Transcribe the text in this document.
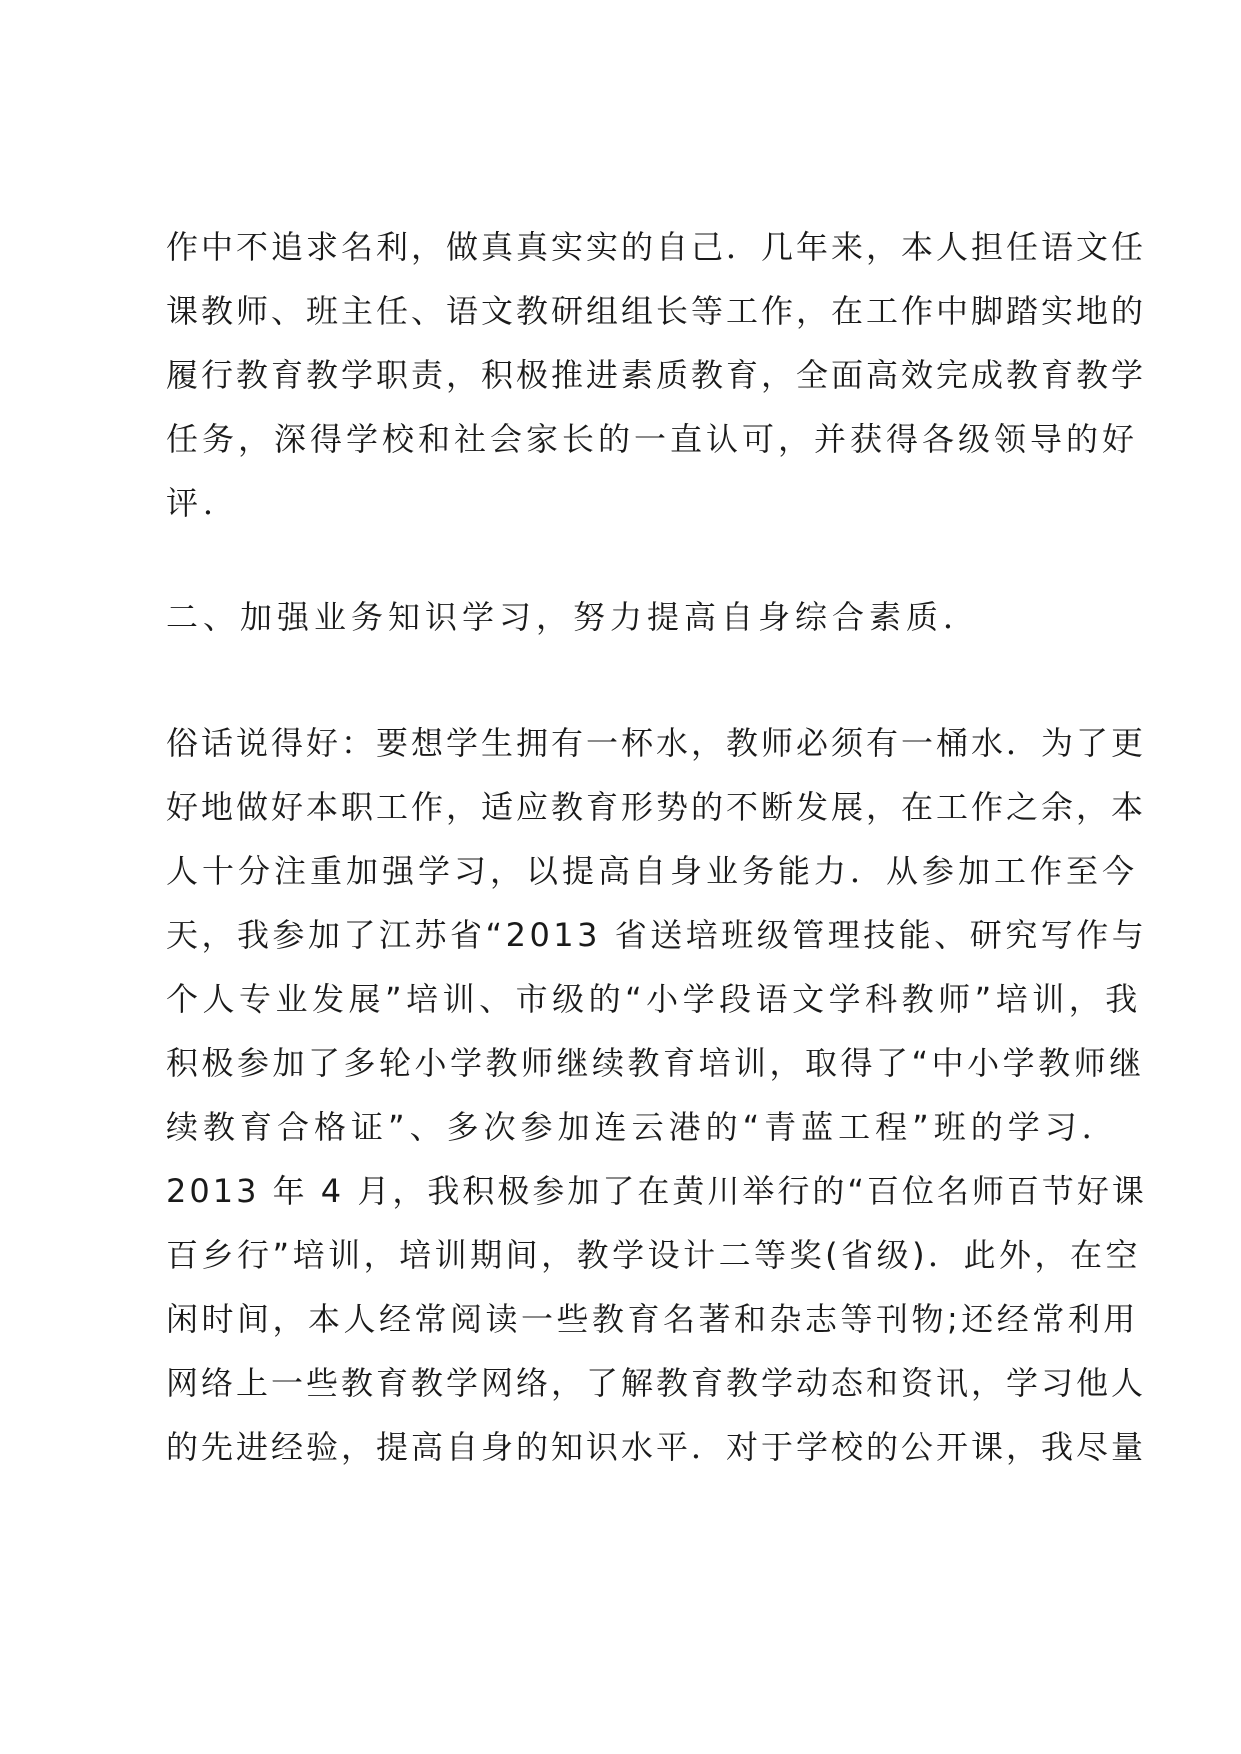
作中不追求名利，做真真实实的自己．几年来，本人担任语文任
课教师、班主任、语文教研组组长等工作，在工作中脚踏实地的
履行教育教学职责，积极推进素质教育，全面高效完成教育教学
任务，深得学校和社会家长的一直认可，并获得各级领导的好
评．
二、加强业务知识学习，努力提高自身综合素质．
俗话说得好：要想学生拥有一杯水，教师必须有一桶水．为了更
好地做好本职工作，适应教育形势的不断发展，在工作之余，本
人十分注重加强学习，以提高自身业务能力．从参加工作至今
天，我参加了江苏省“2013 省送培班级管理技能、研究写作与
个人专业发展”培训、市级的“小学段语文学科教师”培训，我
积极参加了多轮小学教师继续教育培训，取得了“中小学教师继
续教育合格证”、多次参加连云港的“青蓝工程”班的学习．
2013 年 4 月，我积极参加了在黄川举行的“百位名师百节好课
百乡行”培训，培训期间，教学设计二等奖(省级)．此外，在空
闲时间，本人经常阅读一些教育名著和杂志等刊物;还经常利用
网络上一些教育教学网络，了解教育教学动态和资讯，学习他人
的先进经验，提高自身的知识水平．对于学校的公开课，我尽量
